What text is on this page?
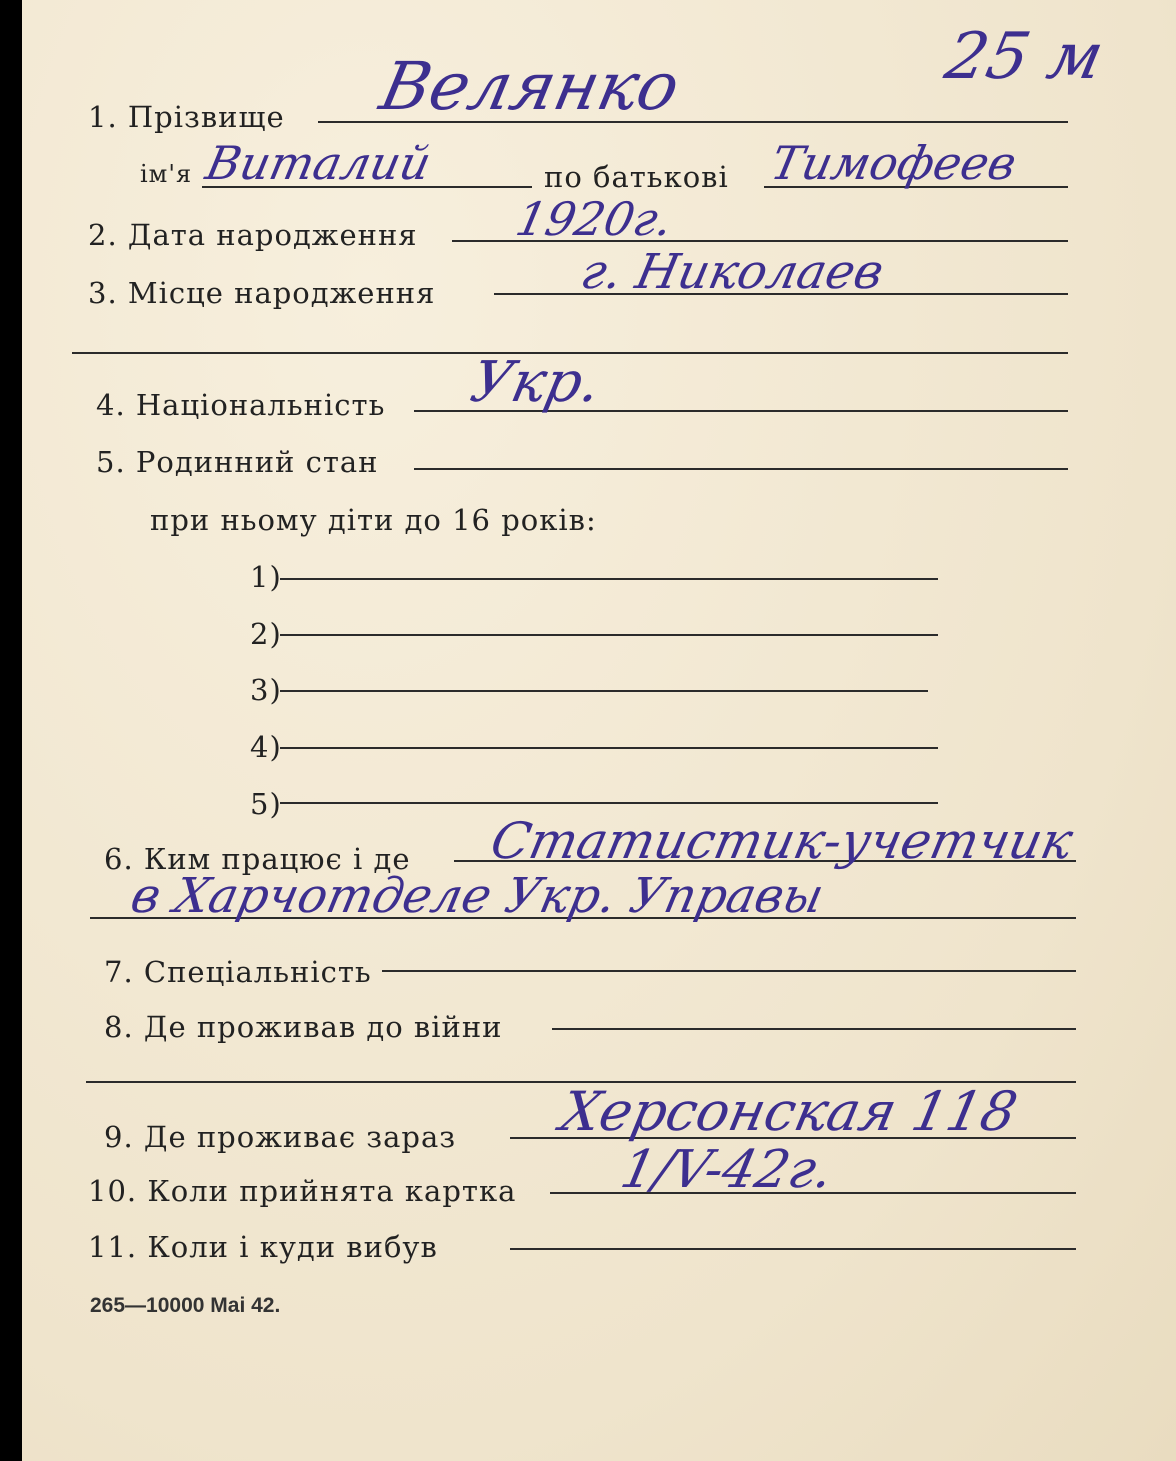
25 м
1. Прізвище Велянко
ім'я Виталий	по батькові Тимофеев
2. Дата народження 1920г.
3. Місце народження	г. Николаев
4. Національність Укр.
5. Родинний стан
при ньому діти до 16 років:
1)
2)
3)
4)
5)
6. Ким працює і де Статистик-учетчик
в Харчотделе Укр. Управы
7. Спеціальність
8. Де проживав до війни
9. Де проживає зараз Херсонская 118
10. Коли прийнята картка 1/V-42г.
11. Коли і куди вибув
265—10000 Mai 42.
